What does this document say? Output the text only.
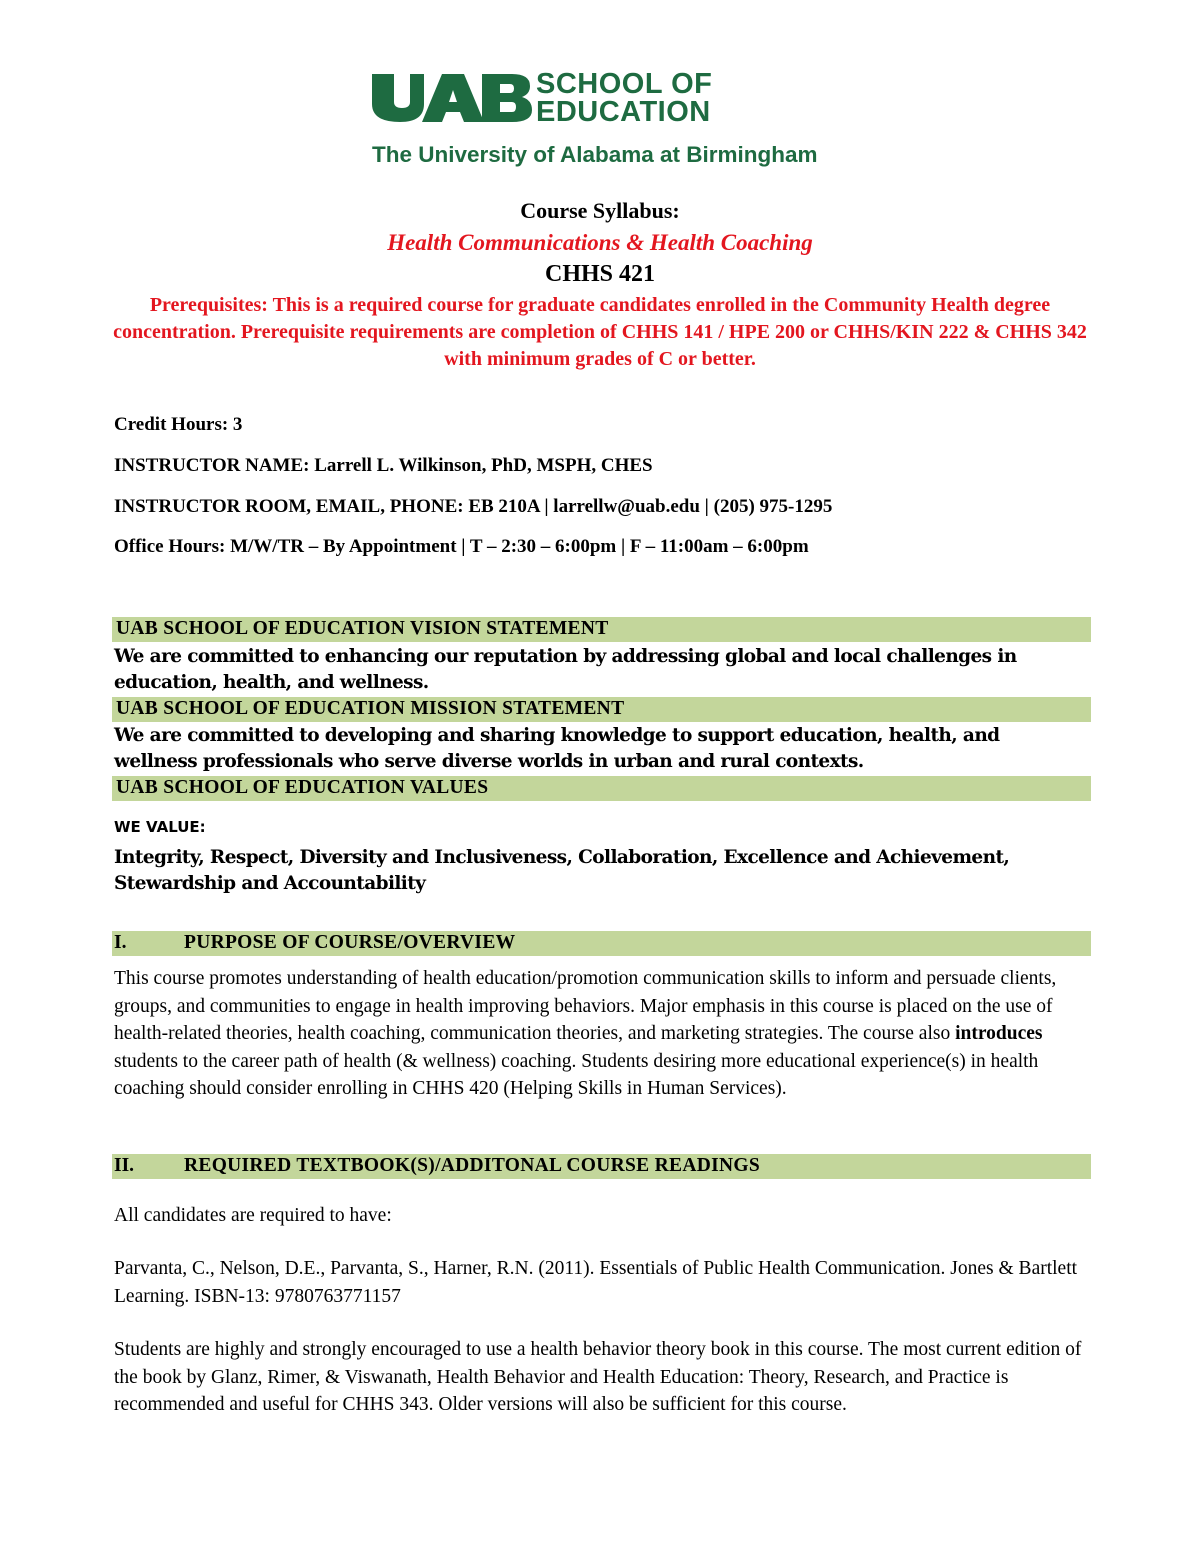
SCHOOL OF
EDUCATION
The University of Alabama at Birmingham
Course Syllabus:
Health Communications & Health Coaching
CHHS 421
Prerequisites: This is a required course for graduate candidates enrolled in the Community Health degree concentration. Prerequisite requirements are completion of CHHS 141 / HPE 200 or CHHS/KIN 222 & CHHS 342 with minimum grades of C or better.
Credit Hours: 3
INSTRUCTOR NAME: Larrell L. Wilkinson, PhD, MSPH, CHES
INSTRUCTOR ROOM, EMAIL, PHONE: EB 210A | larrellw@uab.edu | (205) 975-1295
Office Hours: M/W/TR – By Appointment | T – 2:30 – 6:00pm | F – 11:00am – 6:00pm
UAB SCHOOL OF EDUCATION VISION STATEMENT
We are committed to enhancing our reputation by addressing global and local challenges in education, health, and wellness.
UAB SCHOOL OF EDUCATION MISSION STATEMENT
We are committed to developing and sharing knowledge to support education, health, and wellness professionals who serve diverse worlds in urban and rural contexts.
UAB SCHOOL OF EDUCATION VALUES
WE VALUE:
Integrity, Respect, Diversity and Inclusiveness, Collaboration, Excellence and Achievement, Stewardship and Accountability
I.	PURPOSE OF COURSE/OVERVIEW
This course promotes understanding of health education/promotion communication skills to inform and persuade clients, groups, and communities to engage in health improving behaviors. Major emphasis in this course is placed on the use of health-related theories, health coaching, communication theories, and marketing strategies. The course also introduces students to the career path of health (& wellness) coaching. Students desiring more educational experience(s) in health coaching should consider enrolling in CHHS 420 (Helping Skills in Human Services).
II.	REQUIRED TEXTBOOK(S)/ADDITONAL COURSE READINGS
All candidates are required to have:
Parvanta, C., Nelson, D.E., Parvanta, S., Harner, R.N. (2011). Essentials of Public Health Communication. Jones & Bartlett Learning. ISBN-13: 9780763771157
Students are highly and strongly encouraged to use a health behavior theory book in this course. The most current edition of the book by Glanz, Rimer, & Viswanath, Health Behavior and Health Education: Theory, Research, and Practice is recommended and useful for CHHS 343. Older versions will also be sufficient for this course.
